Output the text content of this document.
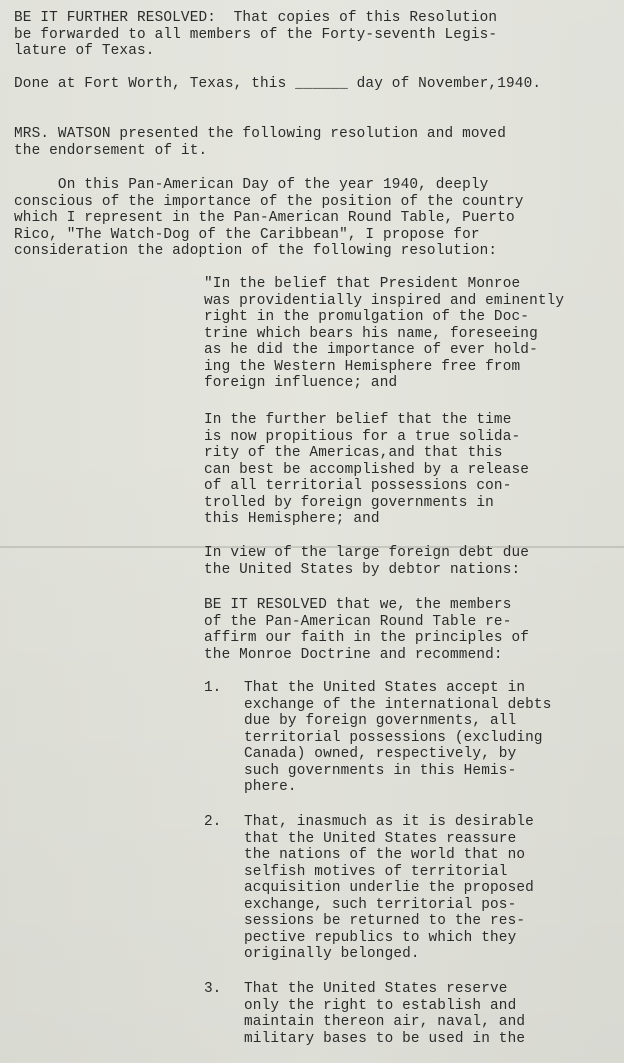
BE IT FURTHER RESOLVED:  That copies of this Resolution
be forwarded to all members of the Forty-seventh Legis-
lature of Texas.
Done at Fort Worth, Texas, this ______ day of November,1940.
MRS. WATSON presented the following resolution and moved
the endorsement of it.
On this Pan-American Day of the year 1940, deeply
conscious of the importance of the position of the country
which I represent in the Pan-American Round Table, Puerto
Rico, "The Watch-Dog of the Caribbean", I propose for
consideration the adoption of the following resolution:
"In the belief that President Monroe
was providentially inspired and eminently
right in the promulgation of the Doc-
trine which bears his name, foreseeing
as he did the importance of ever hold-
ing the Western Hemisphere free from
foreign influence; and
In the further belief that the time
is now propitious for a true solida-
rity of the Americas,and that this
can best be accomplished by a release
of all territorial possessions con-
trolled by foreign governments in
this Hemisphere; and
In view of the large foreign debt due
the United States by debtor nations:
BE IT RESOLVED that we, the members
of the Pan-American Round Table re-
affirm our faith in the principles of
the Monroe Doctrine and recommend:
1. That the United States accept in
exchange of the international debts
due by foreign governments, all
territorial possessions (excluding
Canada) owned, respectively, by
such governments in this Hemis-
phere.
2. That, inasmuch as it is desirable
that the United States reassure
the nations of the world that no
selfish motives of territorial
acquisition underlie the proposed
exchange, such territorial pos-
sessions be returned to the res-
pective republics to which they
originally belonged.
3. That the United States reserve
only the right to establish and
maintain thereon air, naval, and
military bases to be used in the
